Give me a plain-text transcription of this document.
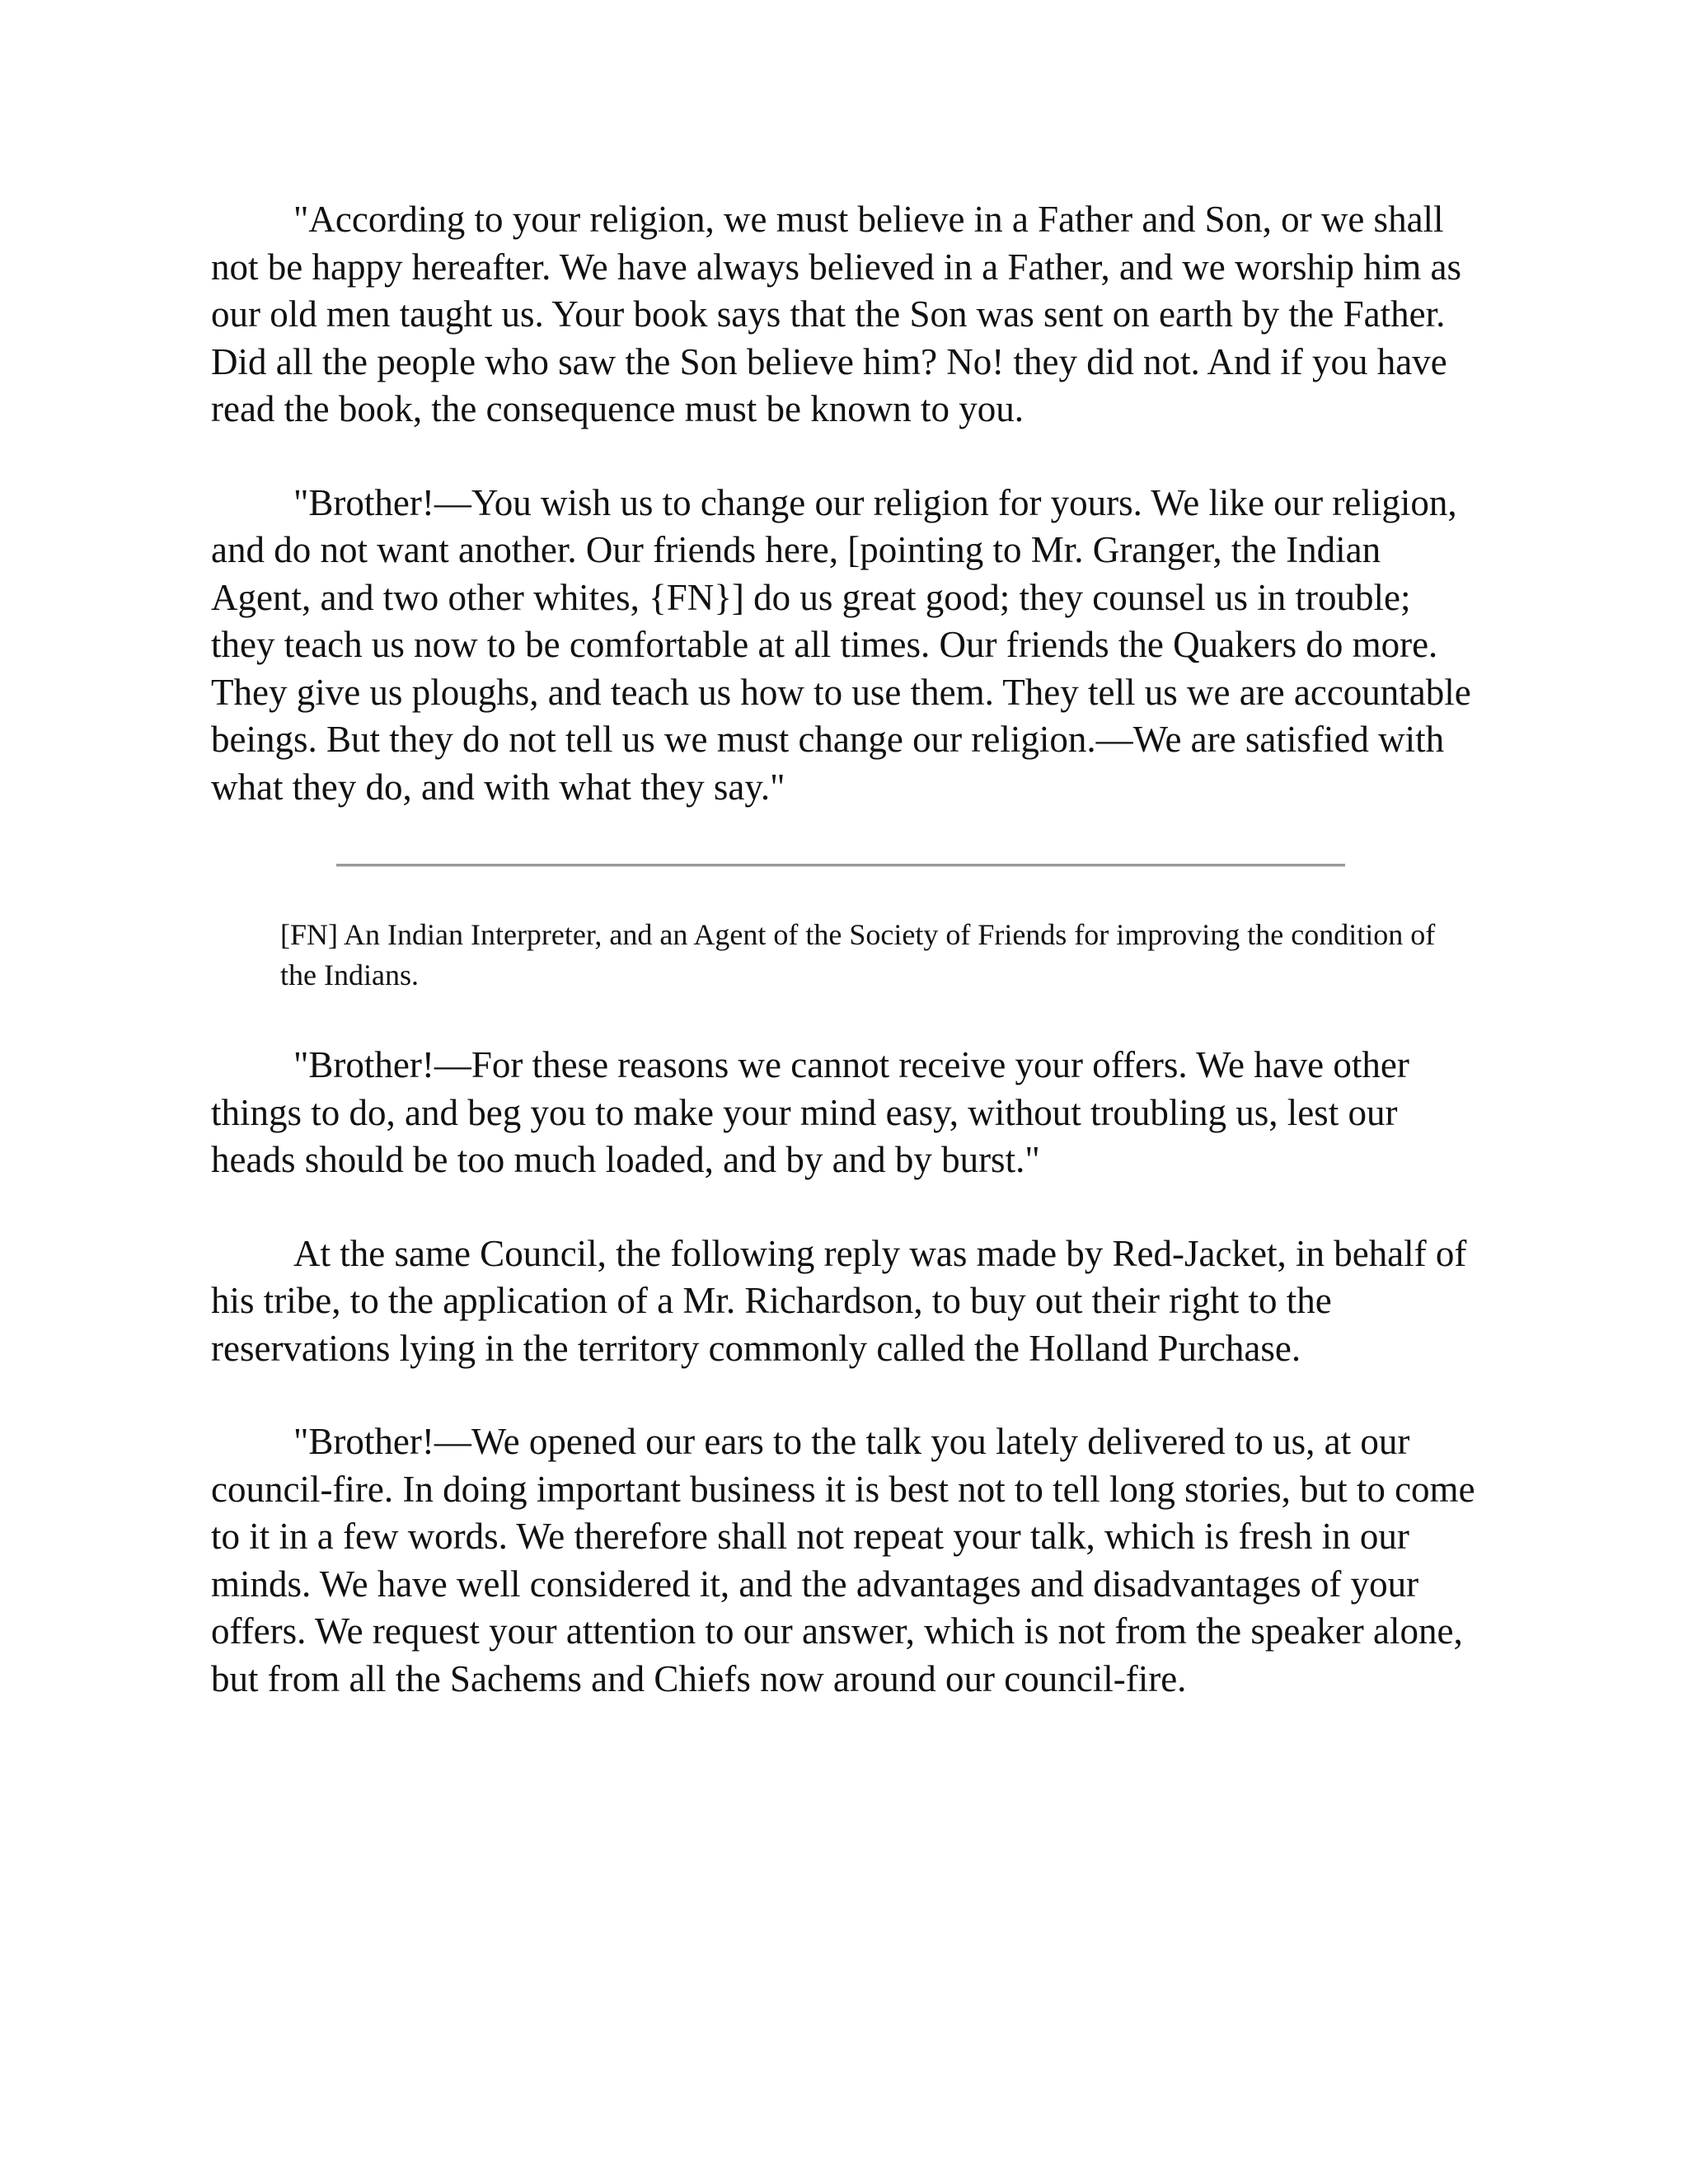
"According to your religion, we must believe in a Father and Son, or we shall not be happy hereafter. We have always believed in a Father, and we worship him as our old men taught us. Your book says that the Son was sent on earth by the Father. Did all the people who saw the Son believe him? No! they did not. And if you have read the book, the consequence must be known to you.

"Brother!—You wish us to change our religion for yours. We like our religion, and do not want another. Our friends here, [pointing to Mr. Granger, the Indian Agent, and two other whites, {FN}] do us great good; they counsel us in trouble; they teach us now to be comfortable at all times. Our friends the Quakers do more. They give us ploughs, and teach us how to use them. They tell us we are accountable beings. But they do not tell us we must change our religion.—We are satisfied with what they do, and with what they say."

[FN] An Indian Interpreter, and an Agent of the Society of Friends for improving the condition of the Indians.

"Brother!—For these reasons we cannot receive your offers. We have other things to do, and beg you to make your mind easy, without troubling us, lest our heads should be too much loaded, and by and by burst."

At the same Council, the following reply was made by Red-Jacket, in behalf of his tribe, to the application of a Mr. Richardson, to buy out their right to the reservations lying in the territory commonly called the Holland Purchase.

"Brother!—We opened our ears to the talk you lately delivered to us, at our council-fire. In doing important business it is best not to tell long stories, but to come to it in a few words. We therefore shall not repeat your talk, which is fresh in our minds. We have well considered it, and the advantages and disadvantages of your offers. We request your attention to our answer, which is not from the speaker alone, but from all the Sachems and Chiefs now around our council-fire.
